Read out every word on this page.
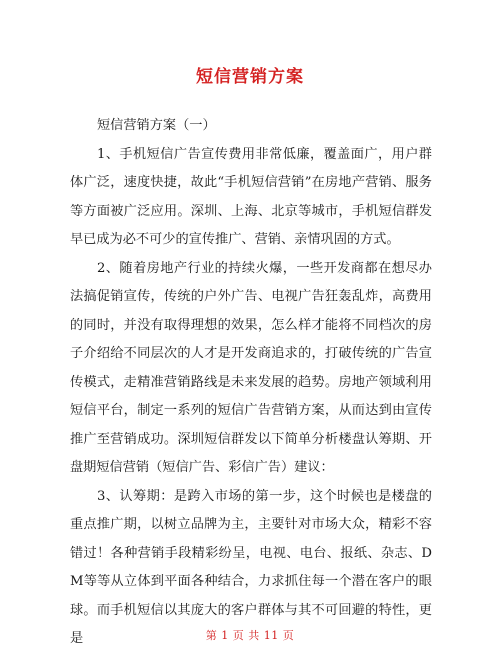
短信营销方案

短信营销方案（一）

1、手机短信广告宣传费用非常低廉，覆盖面广，用户群体广泛，速度快捷，故此“手机短信营销”在房地产营销、服务等方面被广泛应用。深圳、上海、北京等城市，手机短信群发早已成为必不可少的宣传推广、营销、亲情巩固的方式。

2、随着房地产行业的持续火爆，一些开发商都在想尽办法搞促销宣传，传统的户外广告、电视广告狂轰乱炸，高费用的同时，并没有取得理想的效果，怎么样才能将不同档次的房子介绍给不同层次的人才是开发商追求的，打破传统的广告宣传模式，走精准营销路线是未来发展的趋势。房地产领域利用短信平台，制定一系列的短信广告营销方案，从而达到由宣传推广至营销成功。深圳短信群发以下简单分析楼盘认筹期、开盘期短信营销（短信广告、彩信广告）建议：

3、认筹期：是跨入市场的第一步，这个时候也是楼盘的重点推广期，以树立品牌为主，主要针对市场大众，精彩不容错过！各种营销手段精彩纷呈，电视、电台、报纸、杂志、DM等等从立体到平面各种结合，力求抓住每一个潜在客户的眼球。而手机短信以其庞大的客户群体与其不可回避的特性，更是	第 1 页 共 11 页
